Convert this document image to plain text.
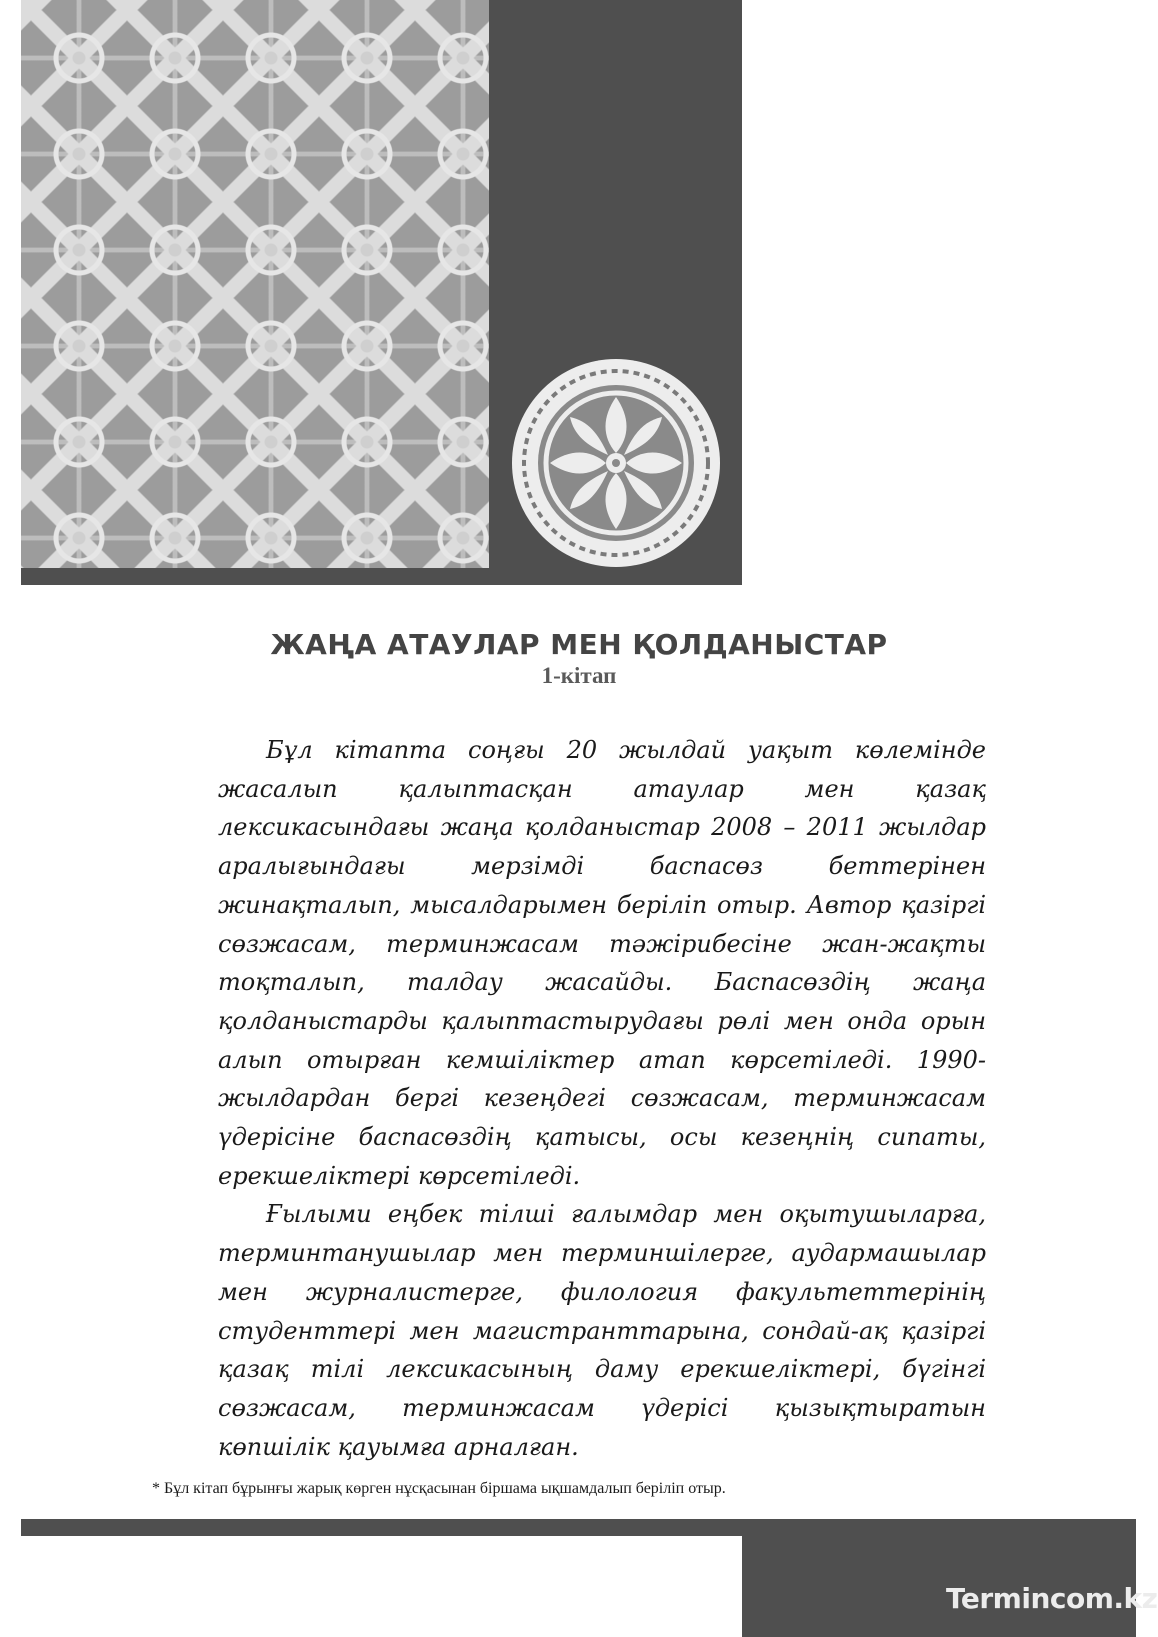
ЖАҢА АТАУЛАР МЕН ҚОЛДАНЫСТАР
1-кітап

Бұл кітапта соңғы 20 жылдай уақыт көлемінде жасалып қалыптасқан атаулар мен қазақ лексикасындағы жаңа қолданыстар 2008 – 2011 жылдар аралығындағы мерзімді баспасөз беттерінен жинақталып, мысалдарымен беріліп отыр. Автор қазіргі сөзжасам, терминжасам тәжірибесіне жан-жақты тоқталып, талдау жасайды. Баспасөздің жаңа қолданыстарды қалыптастырудағы рөлі мен онда орын алып отырған кемшіліктер атап көрсетіледі. 1990-жылдардан бергі кезеңдегі сөзжасам, терминжасам үдерісіне баспасөздің қатысы, осы кезеңнің сипаты, ерекшеліктері көрсетіледі.

Ғылыми еңбек тілші ғалымдар мен оқытушыларға, терминтанушылар мен терминшілерге, аудармашылар мен журналистерге, филология факультеттерінің студенттері мен магистранттарына, сондай-ақ қазіргі қазақ тілі лексикасының даму ерекшеліктері, бүгінгі сөзжасам, терминжасам үдерісі қызықтыратын көпшілік қауымға арналған.

* Бұл кітап бұрынғы жарық көрген нұсқасынан біршама ықшамдалып беріліп отыр.
Termincom.kz
